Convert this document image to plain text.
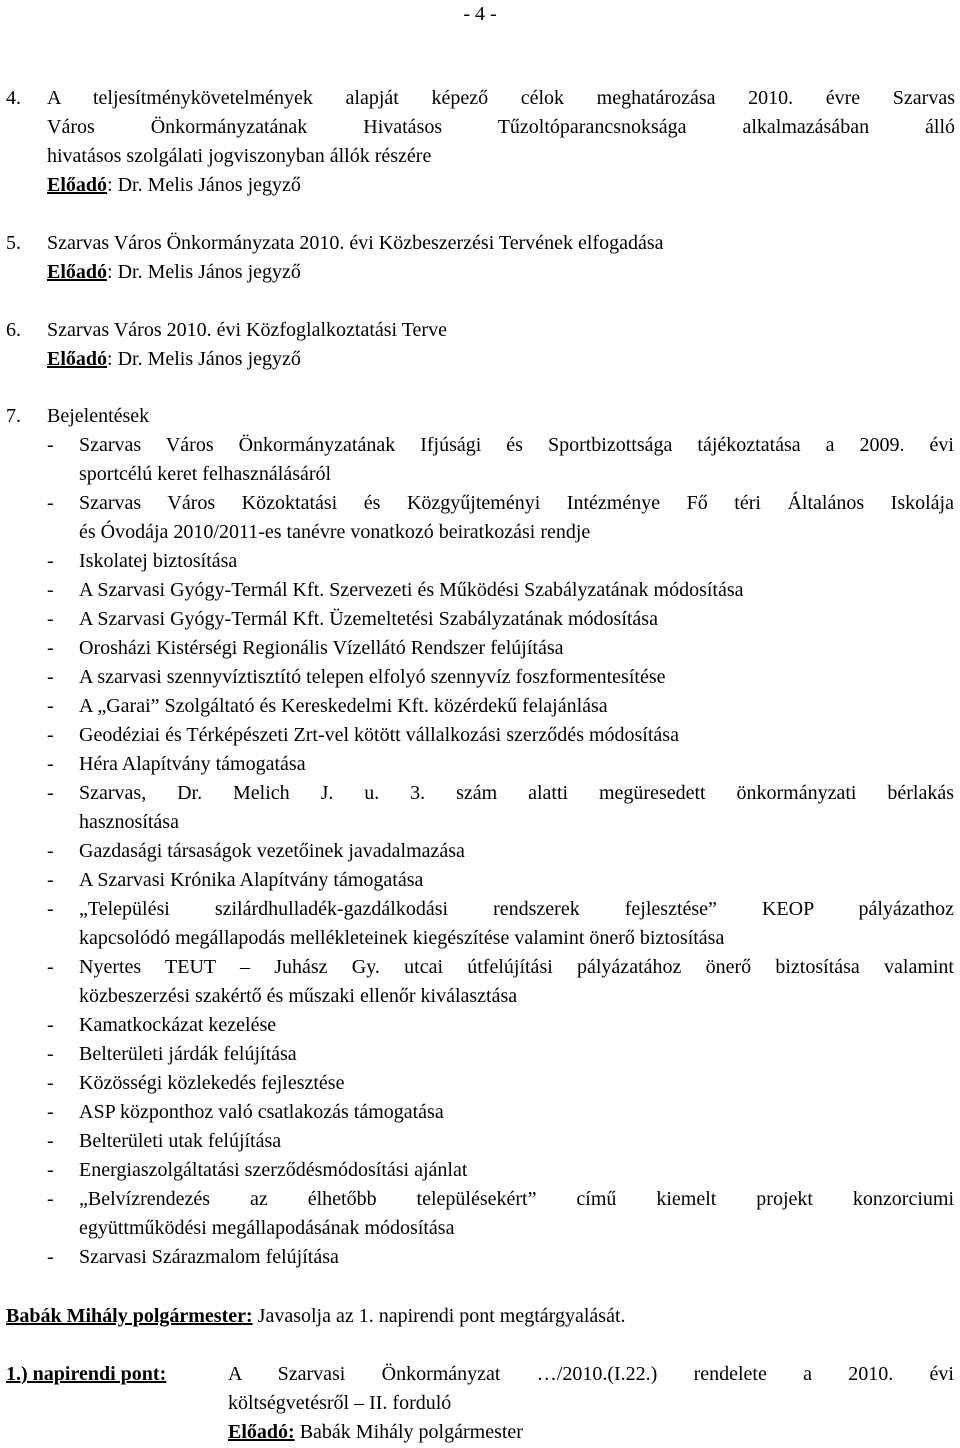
- 4 -
4. A teljesítménykövetelmények alapját képező célok meghatározása 2010. évre Szarvas
Város Önkormányzatának Hivatásos Tűzoltóparancsnoksága alkalmazásában álló
hivatásos szolgálati jogviszonyban állók részére
Előadó: Dr. Melis János jegyző
5. Szarvas Város Önkormányzata 2010. évi Közbeszerzési Tervének elfogadása
Előadó: Dr. Melis János jegyző
6. Szarvas Város 2010. évi Közfoglalkoztatási Terve
Előadó: Dr. Melis János jegyző
7. Bejelentések
- Szarvas Város Önkormányzatának Ifjúsági és Sportbizottsága tájékoztatása a 2009. évi
sportcélú keret felhasználásáról
- Szarvas Város Közoktatási és Közgyűjteményi Intézménye Fő téri Általános Iskolája
és Óvodája 2010/2011-es tanévre vonatkozó beiratkozási rendje
- Iskolatej biztosítása
- A Szarvasi Gyógy-Termál Kft. Szervezeti és Működési Szabályzatának módosítása
- A Szarvasi Gyógy-Termál Kft. Üzemeltetési Szabályzatának módosítása
- Orosházi Kistérségi Regionális Vízellátó Rendszer felújítása
- A szarvasi szennyvíztisztító telepen elfolyó szennyvíz foszformentesítése
- A „Garai” Szolgáltató és Kereskedelmi Kft. közérdekű felajánlása
- Geodéziai és Térképészeti Zrt-vel kötött vállalkozási szerződés módosítása
- Héra Alapítvány támogatása
- Szarvas, Dr. Melich J. u. 3. szám alatti megüresedett önkormányzati bérlakás
hasznosítása
- Gazdasági társaságok vezetőinek javadalmazása
- A Szarvasi Krónika Alapítvány támogatása
- „Települési szilárdhulladék-gazdálkodási rendszerek fejlesztése” KEOP pályázathoz
kapcsolódó megállapodás mellékleteinek kiegészítése valamint önerő biztosítása
- Nyertes TEUT – Juhász Gy. utcai útfelújítási pályázatához önerő biztosítása valamint
közbeszerzési szakértő és műszaki ellenőr kiválasztása
- Kamatkockázat kezelése
- Belterületi járdák felújítása
- Közösségi közlekedés fejlesztése
- ASP központhoz való csatlakozás támogatása
- Belterületi utak felújítása
- Energiaszolgáltatási szerződésmódosítási ajánlat
- „Belvízrendezés az élhetőbb településekért” című kiemelt projekt konzorciumi
együttműködési megállapodásának módosítása
- Szarvasi Szárazmalom felújítása
Babák Mihály polgármester: Javasolja az 1. napirendi pont megtárgyalását.
1.) napirendi pont:	A Szarvasi Önkormányzat …/2010.(I.22.) rendelete a 2010. évi
költségvetésről – II. forduló
Előadó: Babák Mihály polgármester
